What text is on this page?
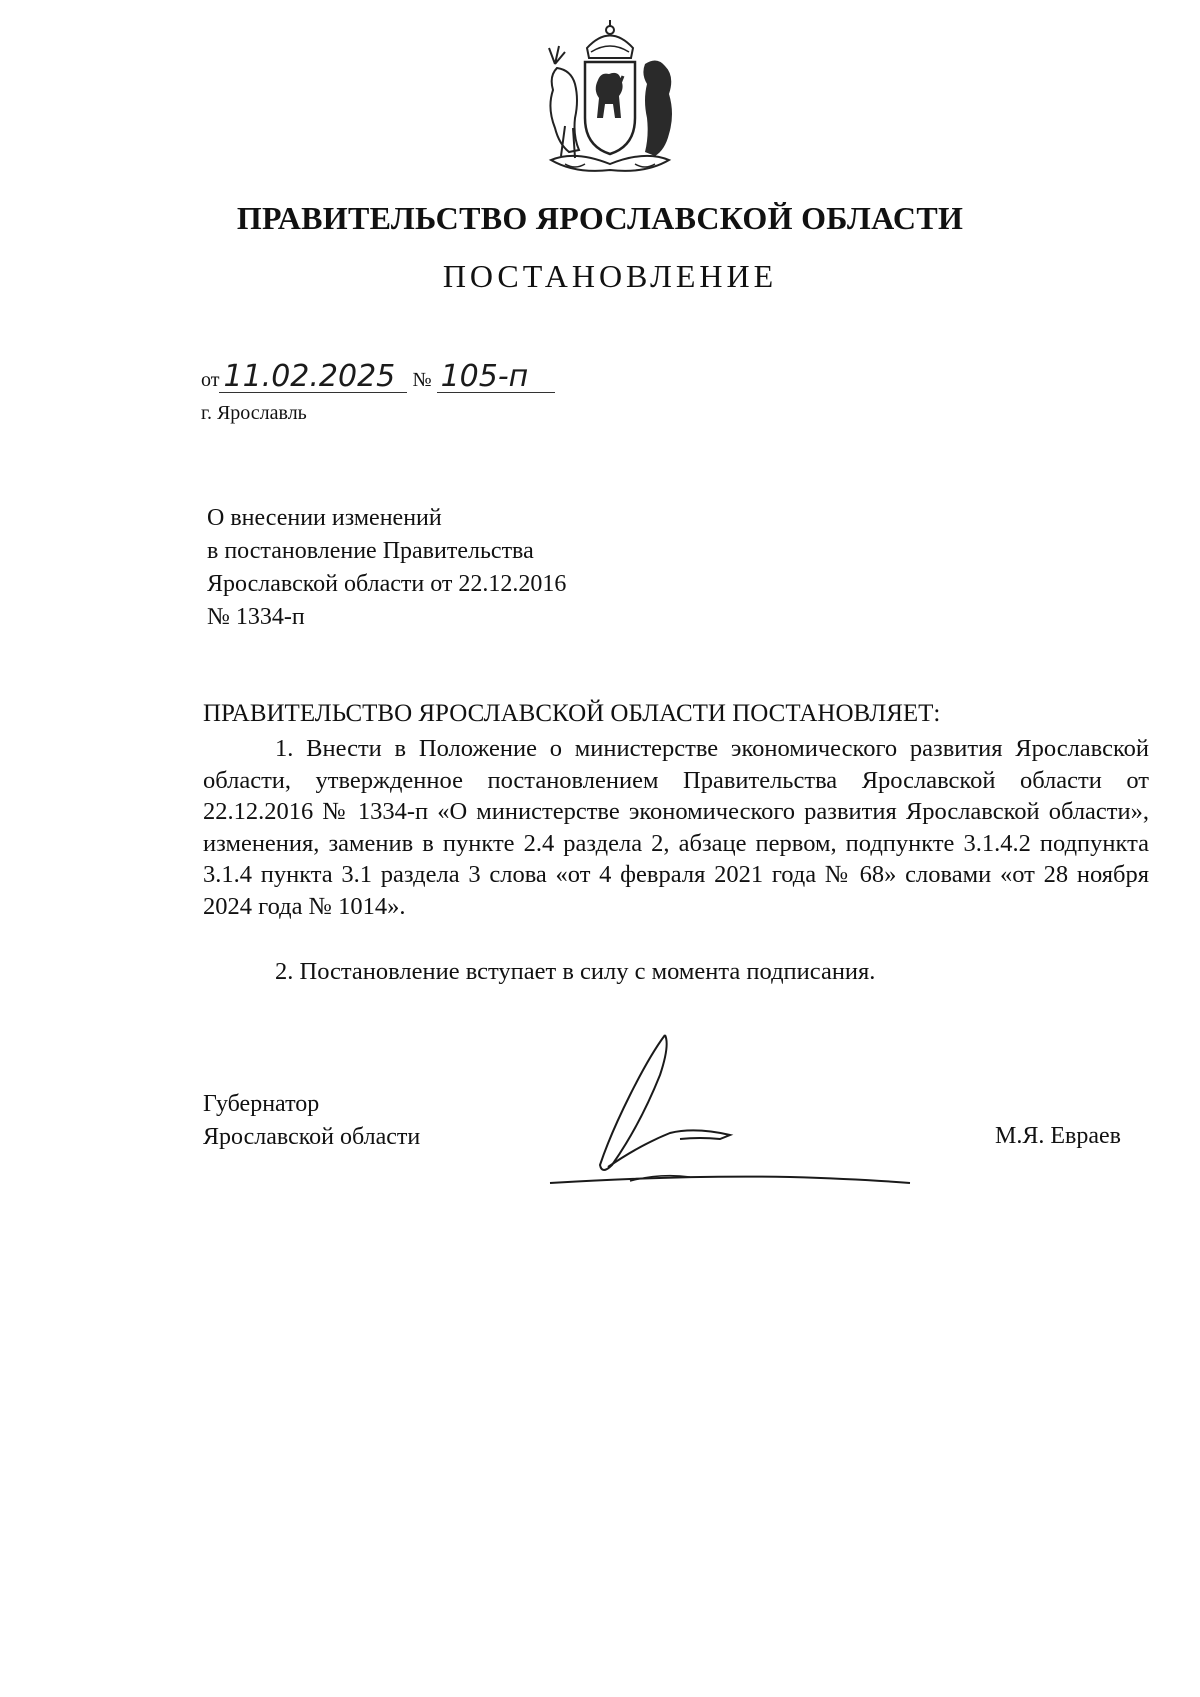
ПРАВИТЕЛЬСТВО ЯРОСЛАВСКОЙ ОБЛАСТИ
ПОСТАНОВЛЕНИЕ
от 11.02.2025 № 105-п
г. Ярославль
О внесении изменений
в постановление Правительства
Ярославской области от 22.12.2016
№ 1334-п
ПРАВИТЕЛЬСТВО ЯРОСЛАВСКОЙ ОБЛАСТИ ПОСТАНОВЛЯЕТ:
1. Внести в Положение о министерстве экономического развития Ярославской области, утвержденное постановлением Правительства Ярославской области от 22.12.2016 № 1334-п «О министерстве экономического развития Ярославской области», изменения, заменив в пункте 2.4 раздела 2, абзаце первом, подпункте 3.1.4.2 подпункта 3.1.4 пункта 3.1 раздела 3 слова «от 4 февраля 2021 года № 68» словами «от 28 ноября 2024 года № 1014».
2. Постановление вступает в силу с момента подписания.
Губернатор
Ярославской области	М.Я. Евраев
